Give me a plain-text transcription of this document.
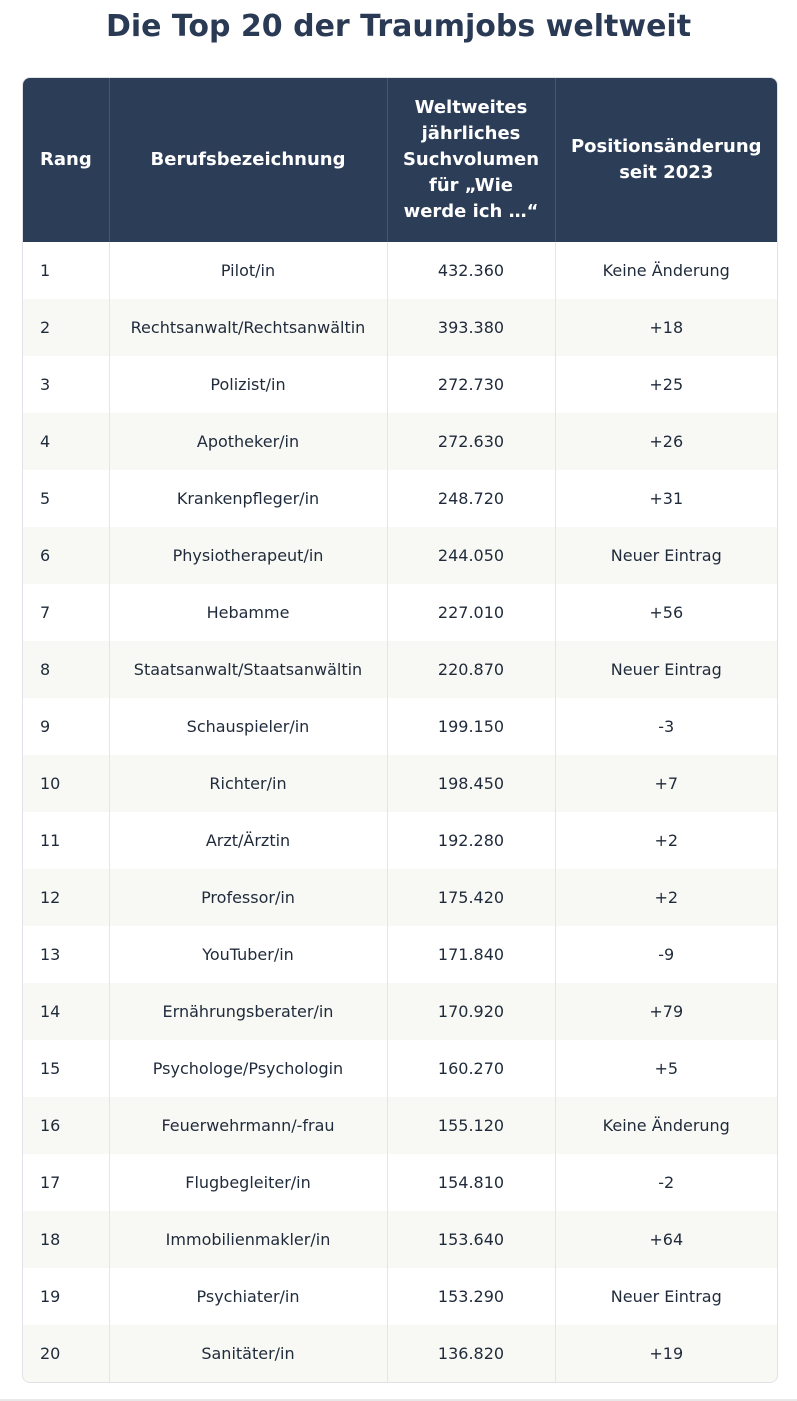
Die Top 20 der Traumjobs weltweit
Rang	Berufsbezeichnung	Weltweites jährliches Suchvolumen für „Wie werde ich …“	Positionsänderung seit 2023
1	Pilot/in	432.360	Keine Änderung
2	Rechtsanwalt/Rechtsanwältin	393.380	+18
3	Polizist/in	272.730	+25
4	Apotheker/in	272.630	+26
5	Krankenpfleger/in	248.720	+31
6	Physiotherapeut/in	244.050	Neuer Eintrag
7	Hebamme	227.010	+56
8	Staatsanwalt/Staatsanwältin	220.870	Neuer Eintrag
9	Schauspieler/in	199.150	-3
10	Richter/in	198.450	+7
11	Arzt/Ärztin	192.280	+2
12	Professor/in	175.420	+2
13	YouTuber/in	171.840	-9
14	Ernährungsberater/in	170.920	+79
15	Psychologe/Psychologin	160.270	+5
16	Feuerwehrmann/-frau	155.120	Keine Änderung
17	Flugbegleiter/in	154.810	-2
18	Immobilienmakler/in	153.640	+64
19	Psychiater/in	153.290	Neuer Eintrag
20	Sanitäter/in	136.820	+19
